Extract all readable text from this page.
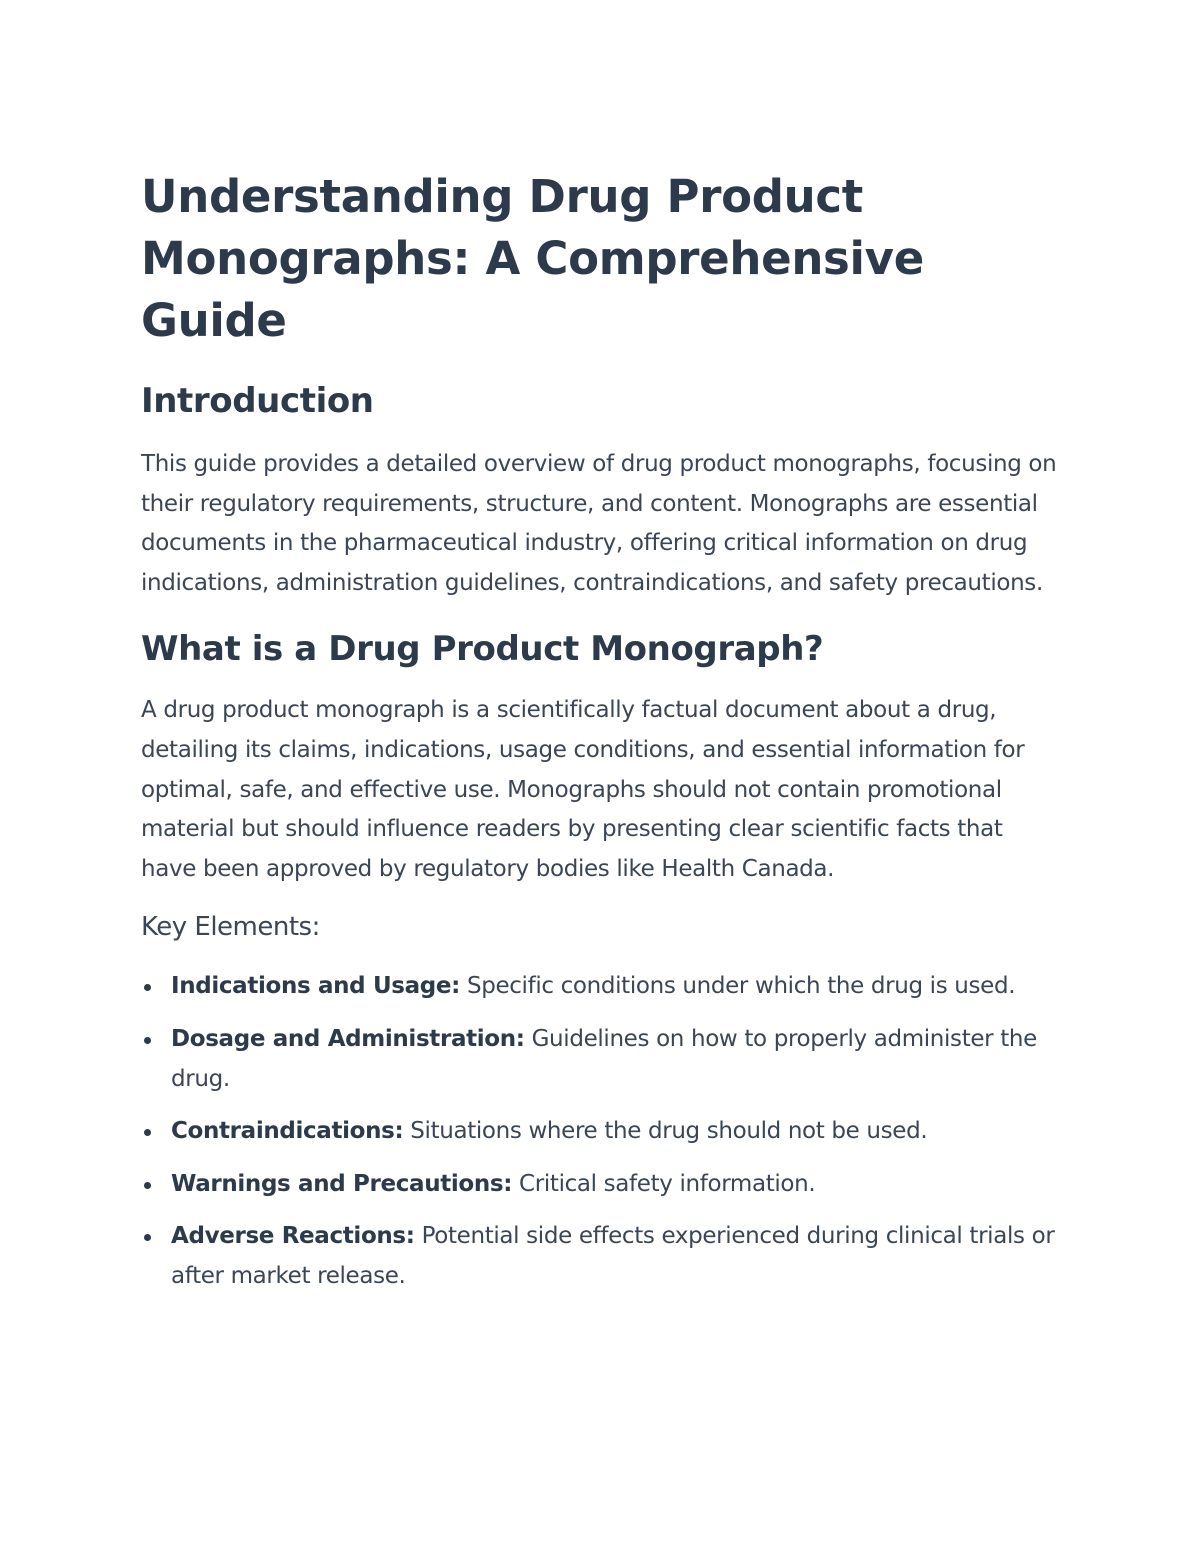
Understanding Drug Product Monographs: A Comprehensive Guide
Introduction

This guide provides a detailed overview of drug product monographs, focusing on their regulatory requirements, structure, and content. Monographs are essential documents in the pharmaceutical industry, offering critical information on drug indications, administration guidelines, contraindications, and safety precautions.

What is a Drug Product Monograph?

A drug product monograph is a scientifically factual document about a drug, detailing its claims, indications, usage conditions, and essential information for optimal, safe, and effective use. Monographs should not contain promotional material but should influence readers by presenting clear scientific facts that have been approved by regulatory bodies like Health Canada.

Key Elements:
Indications and Usage: Specific conditions under which the drug is used.
Dosage and Administration: Guidelines on how to properly administer the drug.
Contraindications: Situations where the drug should not be used.
Warnings and Precautions: Critical safety information.
Adverse Reactions: Potential side effects experienced during clinical trials or after market release.
